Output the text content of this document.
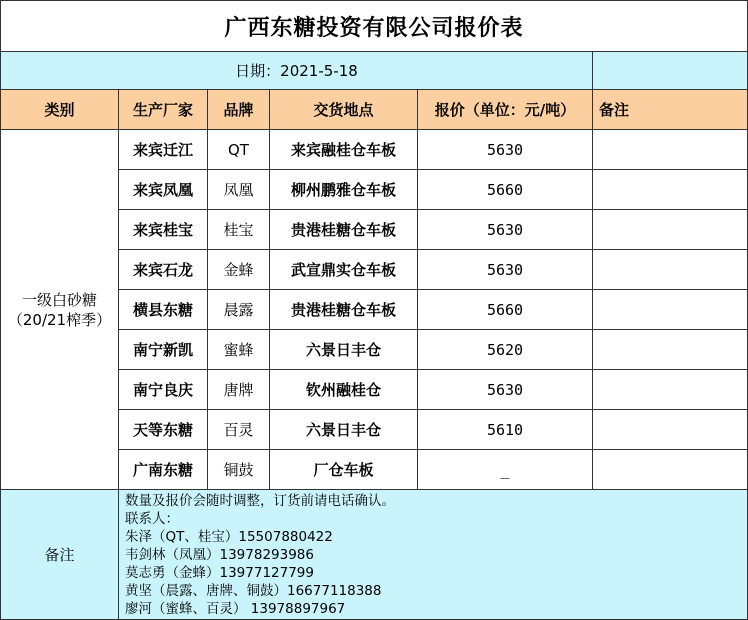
广西东糖投资有限公司报价表
日期：2021-5-18
类别	生产厂家	品牌	交货地点	报价（单位：元/吨）	备注
一级白砂糖
（20/21榨季）
来宾迁江	QT	来宾融桂仓车板	5630
来宾凤凰	凤凰	柳州鹏雅仓车板	5660
来宾桂宝	桂宝	贵港桂糖仓车板	5630
来宾石龙	金蜂	武宣鼎实仓车板	5630
横县东糖	晨露	贵港桂糖仓车板	5660
南宁新凯	蜜蜂	六景日丰仓	5620
南宁良庆	唐牌	钦州融桂仓	5630
天等东糖	百灵	六景日丰仓	5610
广南东糖	铜鼓	厂仓车板	_
备注
数量及报价会随时调整，订货前请电话确认。
联系人：
朱泽（QT、桂宝）15507880422
韦剑林（凤凰）13978293986
莫志勇（金蜂）13977127799
黄坚（晨露、唐牌、铜鼓）16677118388
廖河（蜜蜂、百灵） 13978897967
